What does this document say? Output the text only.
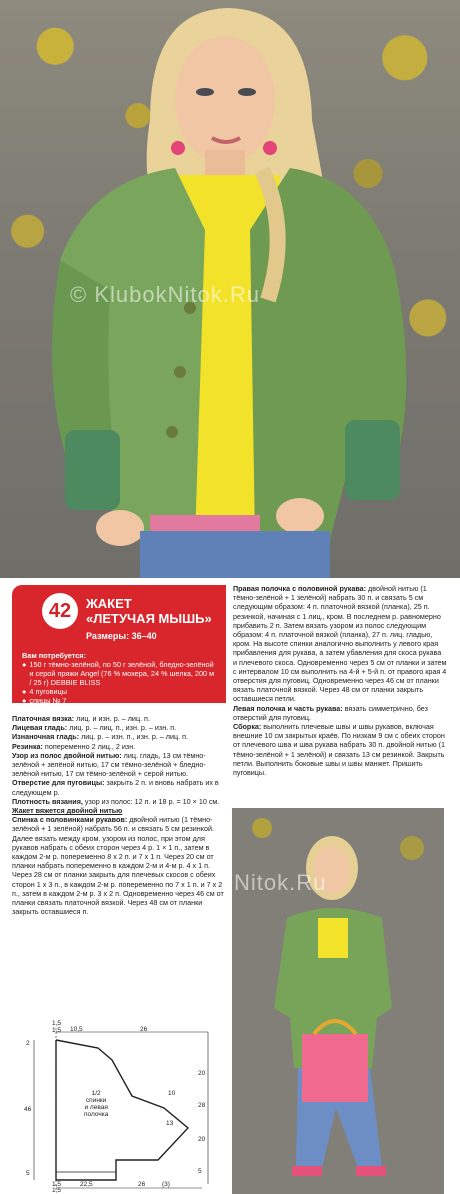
© KlubokNitok.Ru
42	ЖАКЕТ
«ЛЕТУЧАЯ МЫШЬ»
Размеры: 36–40
Вам потребуется:
● 150 г тёмно-зелёной, по 50 г зелёной, бледно-зелёной и серой пряжи Angel (76 % мохера, 24 % шелка, 200 м / 25 г) DEBBIE BLISS
● 4 пуговицы
● спицы № 7
Платочная вязка: лиц. и изн. р. – лиц. п.
Лицевая гладь: лиц. р. – лиц. п., изн. р. – изн. п.
Изнаночная гладь: лиц. р. – изн. п., изн. р. – лиц. п.
Резинка: попеременно 2 лиц., 2 изн.
Узор из полос двойной нитью: лиц. гладь, 13 см тёмно-зелёной + зелёной нитью, 17 см тёмно-зелёной + бледно-зелёной нитью, 17 см тёмно-зелёной + серой нитью.
Отверстие для пуговицы: закрыть 2 п. и вновь набрать их в следующем р.
Плотность вязания, узор из полос: 12 п. и 18 р. = 10 × 10 см.
Жакет вяжется двойной нитью
Спинка с половинками рукавов: двойной нитью (1 тёмно-зелёной + 1 зелёной) набрать 56 п. и связать 5 см резинкой. Далее вязать между кром. узором из полос, при этом для рукавов набрать с обеих сторон через 4 р. 1 × 1 п., затем в каждом 2-м р. попеременно 8 x 2 п. и 7 x 1 п. Через 20 см от планки набрать попеременно в каждом 2-м и 4-м р. 4 x 1 п. Через 28 см от планки закрыть для плечевых скосов с обеих сторон 1 x 3 п., в каждом 2-м р. попеременно по 7 x 1 п. и 7 x 2 п., затем в каждом 2-м р. 3 x 2 п. Одновременно через 46 см от планки связать платочной вязкой. Через 48 см от планки закрыть оставшиеся п.
Правая полочка с половиной рукава: двойной нитью (1 тёмно-зелёной + 1 зелёной) набрать 30 п. и связать 5 см следующим образом: 4 п. платочной вязкой (планка), 25 п. резинкой, начиная с 1 лиц., кром. В последнем р. равномерно прибавить 2 п. Затем вязать узором из полос следующим образом: 4 п. платочной вязкой (планка), 27 п. лиц. гладью, кром. На высоте спинки аналогично выполнить у левого края прибавления для рукава, а затем убавления для скоса рукава и плечевого скоса. Одновременно через 5 см от планки и затем с интервалом 10 см выполнить на 4-й + 5-й п. от правого края 4 отверстия для пуговиц. Одновременно через 46 см от планки вязать платочной вязкой. Через 48 см от планки закрыть оставшиеся петли.
Левая полочка и часть рукава: вязать симметрично, без отверстий для пуговиц.
Сборка: выполнить плечевые швы и швы рукавов, включая внешние 10 см закрытых краёв. По низкам 9 см с обеих сторон от плечевого шва и шва рукава набрать 30 п. двойной нитью (1 тёмно-зелёной + 1 зелёной) и связать 13 см резинкой. Закрыть петли. Выполнить боковые швы и швы манжет. Пришить пуговицы.
Nitok.Ru
1,5
1,5 10,5	26
2
46
5
20
28
20
5
10
13
22,5	26	(3)
1,5
1,5
1/2
спинки
и левая
полочка
